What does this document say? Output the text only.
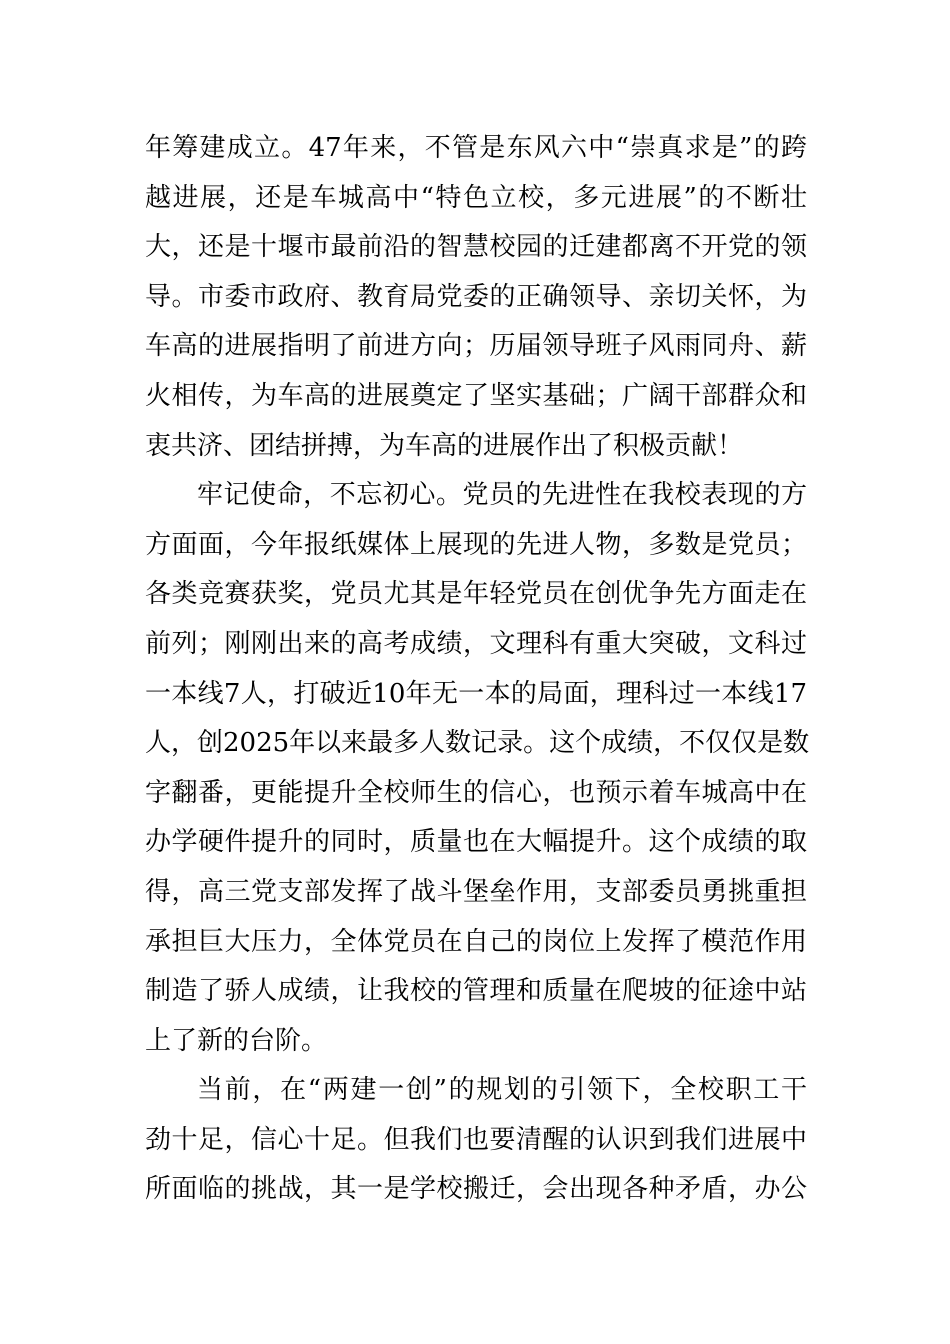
年筹建成立。47年来，不管是东风六中“崇真求是”的跨
越进展，还是车城高中“特色立校，多元进展”的不断壮
大，还是十堰市最前沿的智慧校园的迁建都离不开党的领
导。市委市政府、教育局党委的正确领导、亲切关怀，为
车高的进展指明了前进方向；历届领导班子风雨同舟、薪
火相传，为车高的进展奠定了坚实基础；广阔干部群众和
衷共济、团结拼搏，为车高的进展作出了积极贡献！
牢记使命，不忘初心。党员的先进性在我校表现的方
方面面，今年报纸媒体上展现的先进人物，多数是党员；
各类竞赛获奖，党员尤其是年轻党员在创优争先方面走在
前列；刚刚出来的高考成绩，文理科有重大突破，文科过
一本线7人，打破近10年无一本的局面，理科过一本线17
人，创2025年以来最多人数记录。这个成绩，不仅仅是数
字翻番，更能提升全校师生的信心，也预示着车城高中在
办学硬件提升的同时，质量也在大幅提升。这个成绩的取
得，高三党支部发挥了战斗堡垒作用，支部委员勇挑重担
承担巨大压力，全体党员在自己的岗位上发挥了模范作用
制造了骄人成绩，让我校的管理和质量在爬坡的征途中站
上了新的台阶。
当前，在“两建一创”的规划的引领下，全校职工干
劲十足，信心十足。但我们也要清醒的认识到我们进展中
所面临的挑战，其一是学校搬迁，会出现各种矛盾，办公
